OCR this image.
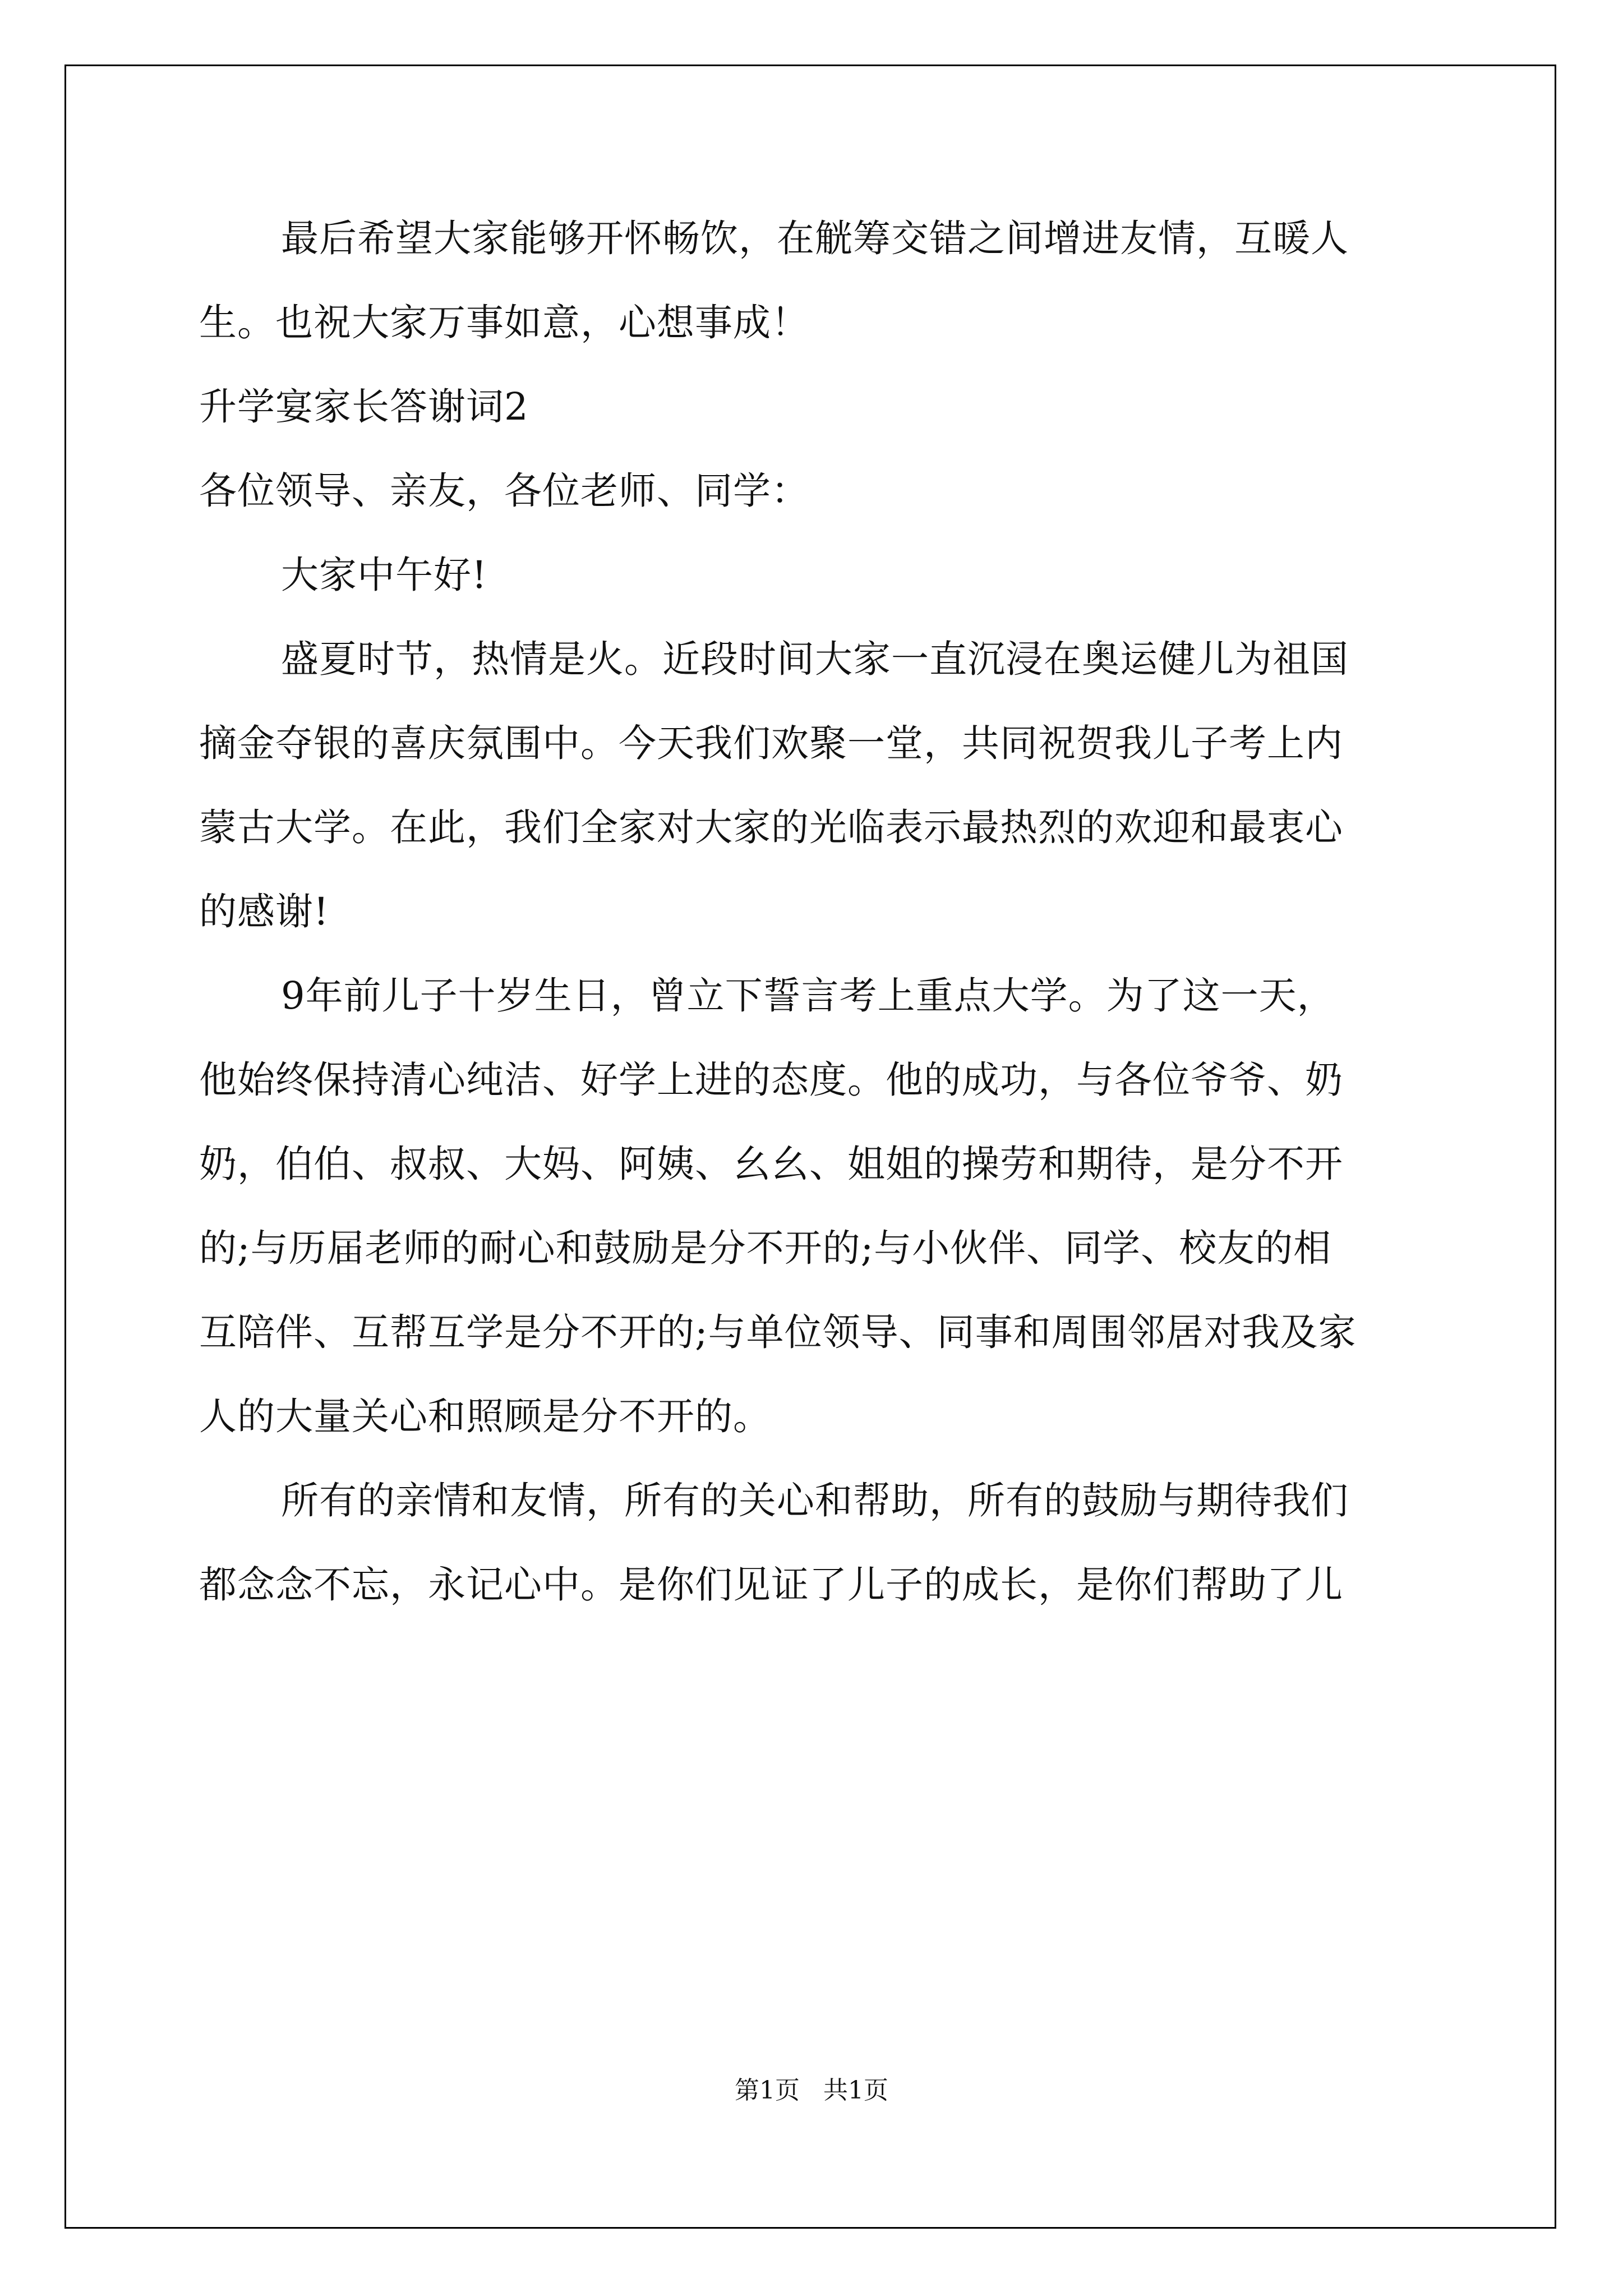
最后希望大家能够开怀畅饮，在觥筹交错之间增进友情，互暖人
生。也祝大家万事如意，心想事成！
升学宴家长答谢词2
各位领导、亲友，各位老师、同学：
大家中午好!
盛夏时节，热情是火。近段时间大家一直沉浸在奥运健儿为祖国
摘金夺银的喜庆氛围中。今天我们欢聚一堂，共同祝贺我儿子考上内
蒙古大学。在此，我们全家对大家的光临表示最热烈的欢迎和最衷心
的感谢!
9年前儿子十岁生日，曾立下誓言考上重点大学。为了这一天，
他始终保持清心纯洁、好学上进的态度。他的成功，与各位爷爷、奶
奶，伯伯、叔叔、大妈、阿姨、幺幺、姐姐的操劳和期待，是分不开
的;与历届老师的耐心和鼓励是分不开的;与小伙伴、同学、校友的相
互陪伴、互帮互学是分不开的;与单位领导、同事和周围邻居对我及家
人的大量关心和照顾是分不开的。
所有的亲情和友情，所有的关心和帮助，所有的鼓励与期待我们
都念念不忘，永记心中。是你们见证了儿子的成长，是你们帮助了儿
第1页   共1页
